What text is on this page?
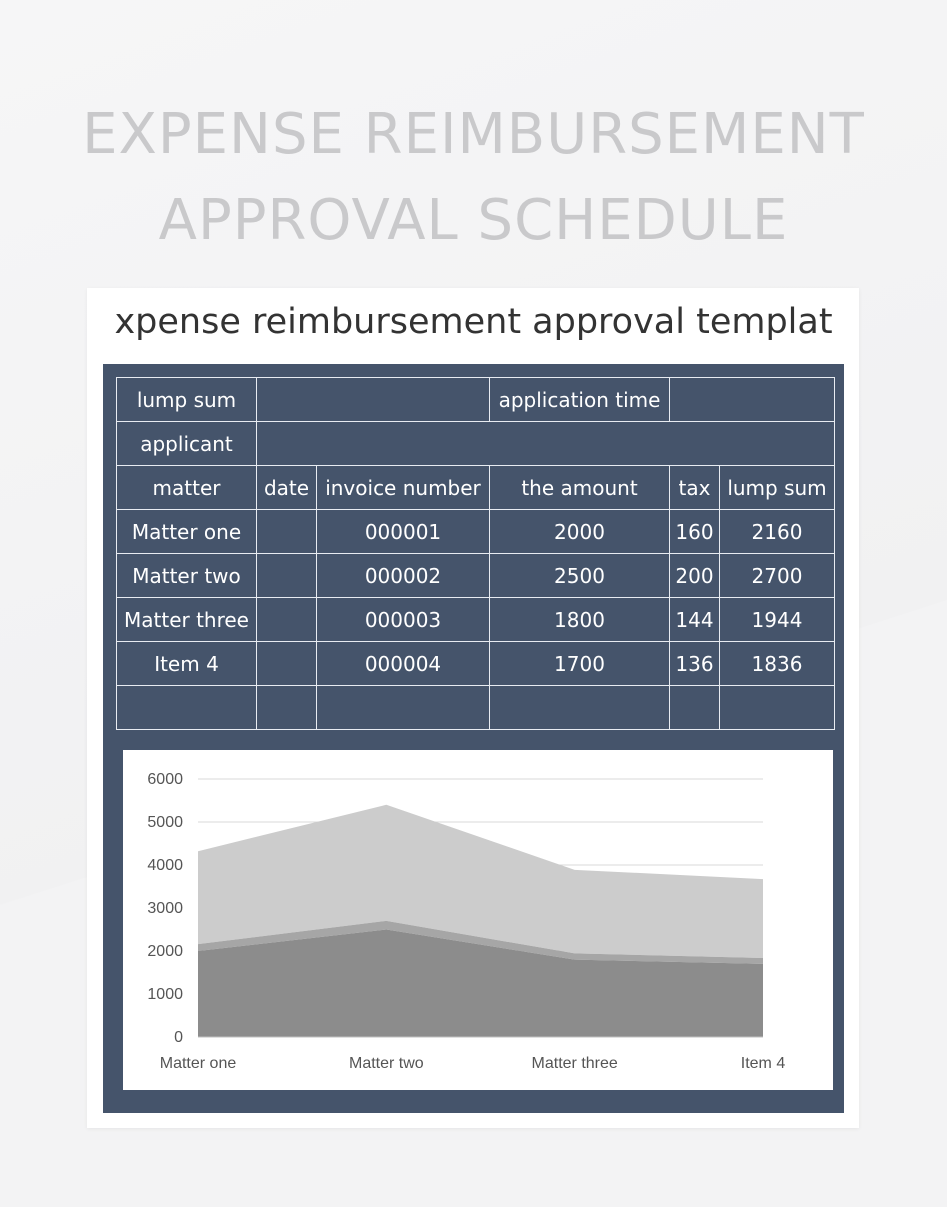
EXPENSE REIMBURSEMENT
APPROVAL SCHEDULE
xpense reimbursement approval templat
lump sum			application time		
applicant					
matter	date	invoice number	the amount	tax	lump sum
Matter one		000001	2000	160	2160
Matter two		000002	2500	200	2700
Matter three		000003	1800	144	1944
Item 4		000004	1700	136	1836

0
1000
2000
3000
4000
5000
6000
Matter one	Matter two	Matter three	Item 4
